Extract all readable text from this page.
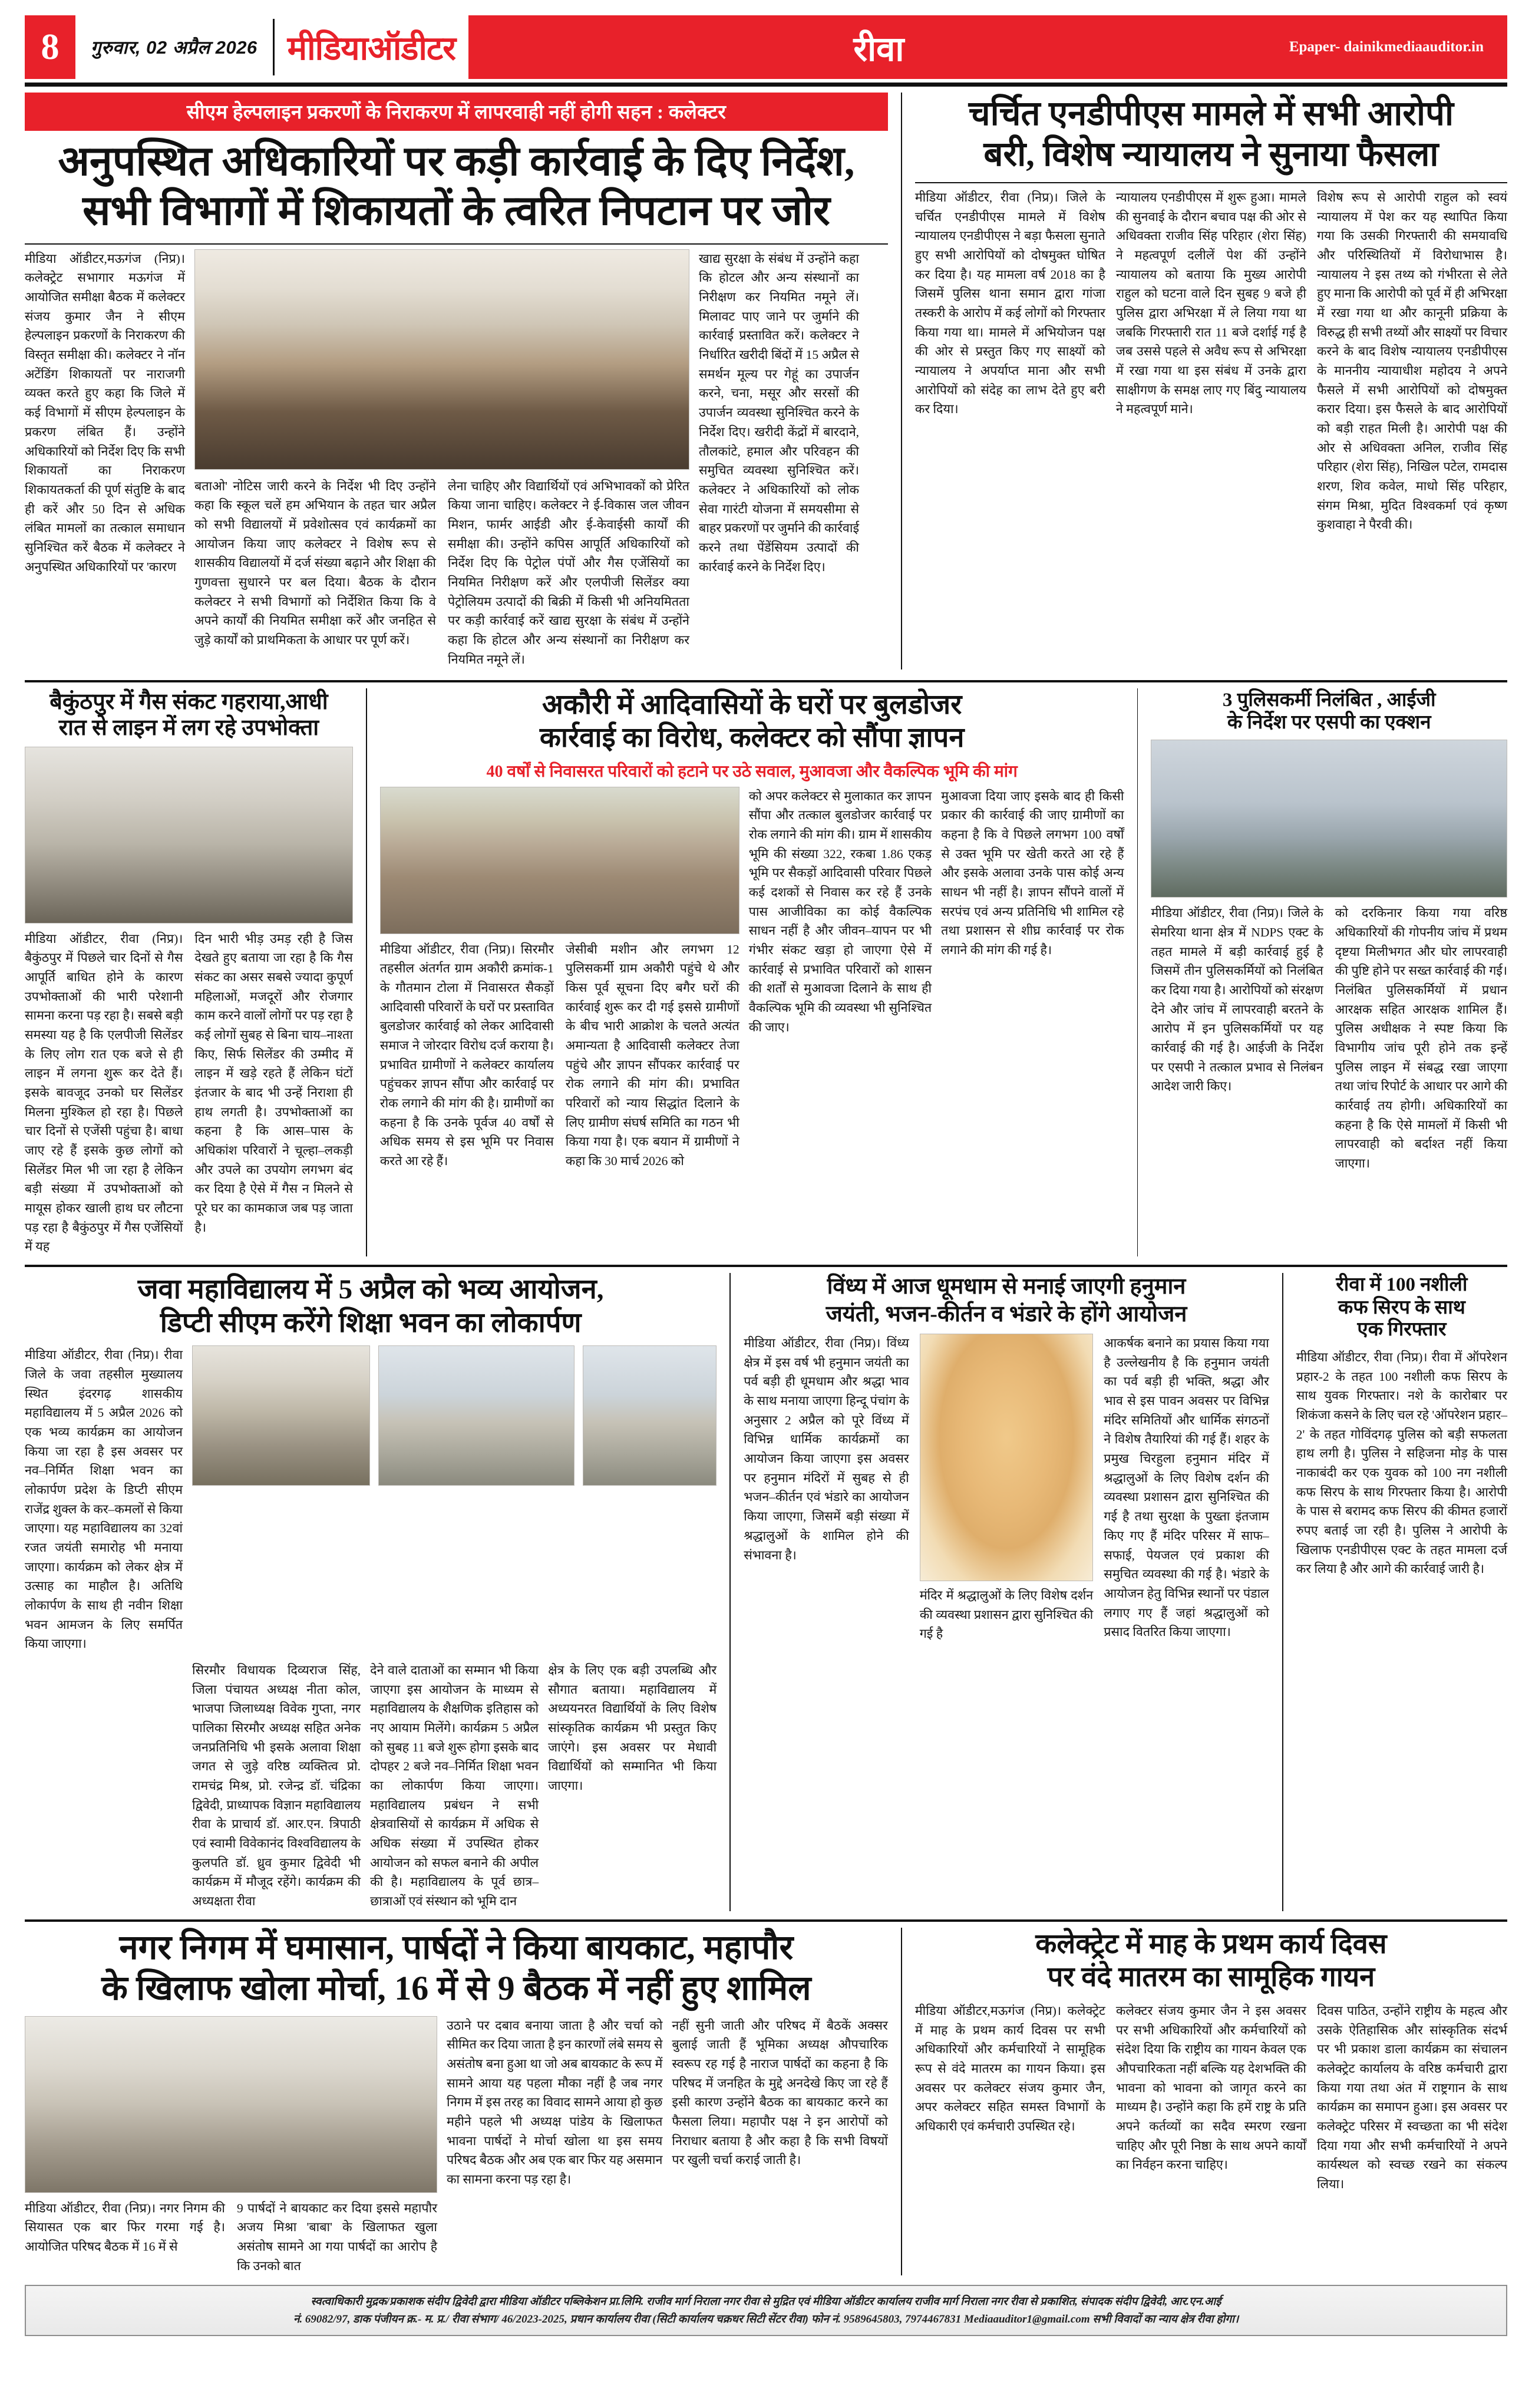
8	गुरुवार, 02 अप्रैल 2026 मीडियाऑडीटर	रीवा	Epaper- dainikmediaauditor.in
सीएम हेल्पलाइन प्रकरणों के निराकरण में लापरवाही नहीं होगी सहन : कलेक्टर
अनुपस्थित अधिकारियों पर कड़ी कार्रवाई के दिए निर्देश,
सभी विभागों में शिकायतों के त्वरित निपटान पर जोर
मीडिया ऑडीटर,मऊगंज (निप्र)। कलेक्ट्रेट सभागार मऊगंज में आयोजित समीक्षा बैठक में कलेक्टर संजय कुमार जैन ने सीएम हेल्पलाइन प्रकरणों के निराकरण की विस्तृत समीक्षा की। कलेक्टर ने नॉन अटेंडिंग शिकायतों पर नाराजगी व्यक्त करते हुए कहा कि जिले में कई विभागों में सीएम हेल्पलाइन के प्रकरण लंबित हैं। उन्होंने अधिकारियों को निर्देश दिए कि सभी शिकायतों का निराकरण शिकायतकर्ता की पूर्ण संतुष्टि के बाद ही करें और 50 दिन से अधिक लंबित मामलों का तत्काल समाधान सुनिश्चित करें बैठक में कलेक्टर ने अनुपस्थित अधिकारियों पर 'कारण
बताओ' नोटिस जारी करने के निर्देश भी दिए उन्होंने कहा कि स्कूल चलें हम अभियान के तहत चार अप्रैल को सभी विद्यालयों में प्रवेशोत्सव एवं कार्यक्रमों का आयोजन किया जाए कलेक्टर ने विशेष रूप से शासकीय विद्यालयों में दर्ज संख्या बढ़ाने और शिक्षा की गुणवत्ता सुधारने पर बल दिया। बैठक के दौरान कलेक्टर ने सभी विभागों को निर्देशित किया कि वे अपने कार्यों की नियमित समीक्षा करें और जनहित से जुड़े कार्यों को प्राथमिकता के आधार पर पूर्ण करें।
लेना चाहिए और विद्यार्थियों एवं अभिभावकों को प्रेरित किया जाना चाहिए। कलेक्टर ने ई-विकास जल जीवन मिशन, फार्मर आईडी और ई-केवाईसी कार्यों की समीक्षा की। उन्होंने कपिस आपूर्ति अधिकारियों को निर्देश दिए कि पेट्रोल पंपों और गैस एजेंसियों का नियमित निरीक्षण करें और एलपीजी सिलेंडर क्या पेट्रोलियम उत्पादों की बिक्री में किसी भी अनियमितता पर कड़ी कार्रवाई करें खाद्य सुरक्षा के संबंध में उन्होंने कहा कि होटल और अन्य संस्थानों का निरीक्षण कर नियमित नमूने लें।
खाद्य सुरक्षा के संबंध में उन्होंने कहा कि होटल और अन्य संस्थानों का निरीक्षण कर नियमित नमूने लें। मिलावट पाए जाने पर जुर्माने की कार्रवाई प्रस्तावित करें। कलेक्टर ने निर्धारित खरीदी बिंदों में 15 अप्रैल से समर्थन मूल्य पर गेहूं का उपार्जन करने, चना, मसूर और सरसों की उपार्जन व्यवस्था सुनिश्चित करने के निर्देश दिए। खरीदी केंद्रों में बारदाने, तौलकांटे, हमाल और परिवहन की समुचित व्यवस्था सुनिश्चित करें। कलेक्टर ने अधिकारियों को लोक सेवा गारंटी योजना में समयसीमा से बाहर प्रकरणों पर जुर्माने की कार्रवाई करने तथा पेंडेंसियम उत्पादों की कार्रवाई करने के निर्देश दिए।
चर्चित एनडीपीएस मामले में सभी आरोपी
बरी, विशेष न्यायालय ने सुनाया फैसला
मीडिया ऑडीटर, रीवा (निप्र)। जिले के चर्चित एनडीपीएस मामले में विशेष न्यायालय एनडीपीएस ने बड़ा फैसला सुनाते हुए सभी आरोपियों को दोषमुक्त घोषित कर दिया है। यह मामला वर्ष 2018 का है जिसमें पुलिस थाना समान द्वारा गांजा तस्करी के आरोप में कई लोगों को गिरफ्तार किया गया था। मामले में अभियोजन पक्ष की ओर से प्रस्तुत किए गए साक्ष्यों को न्यायालय ने अपर्याप्त माना और सभी आरोपियों को संदेह का लाभ देते हुए बरी कर दिया।
न्यायालय एनडीपीएस में शुरू हुआ। मामले की सुनवाई के दौरान बचाव पक्ष की ओर से अधिवक्ता राजीव सिंह परिहार (शेरा सिंह) ने महत्वपूर्ण दलीलें पेश कीं उन्होंने न्यायालय को बताया कि मुख्य आरोपी राहुल को घटना वाले दिन सुबह 9 बजे ही पुलिस द्वारा अभिरक्षा में ले लिया गया था जबकि गिरफ्तारी रात 11 बजे दर्शाई गई है जब उससे पहले से अवैध रूप से अभिरक्षा में रखा गया था इस संबंध में उनके द्वारा साक्षीगण के समक्ष लाए गए बिंदु न्यायालय ने महत्वपूर्ण माने।
विशेष रूप से आरोपी राहुल को स्वयं न्यायालय में पेश कर यह स्थापित किया गया कि उसकी गिरफ्तारी की समयावधि और परिस्थितियों में विरोधाभास है। न्यायालय ने इस तथ्य को गंभीरता से लेते हुए माना कि आरोपी को पूर्व में ही अभिरक्षा में रखा गया था और कानूनी प्रक्रिया के विरुद्ध ही सभी तथ्यों और साक्ष्यों पर विचार करने के बाद विशेष न्यायालय एनडीपीएस के माननीय न्यायाधीश महोदय ने अपने फैसले में सभी आरोपियों को दोषमुक्त करार दिया। इस फैसले के बाद आरोपियों को बड़ी राहत मिली है। आरोपी पक्ष की ओर से अधिवक्ता अनिल, राजीव सिंह परिहार (शेरा सिंह), निखिल पटेल, रामदास शरण, शिव कवेल, माधो सिंह परिहार, संगम मिश्रा, मुदित विश्वकर्मा एवं कृष्ण कुशवाहा ने पैरवी की।
बैकुंठपुर में गैस संकट गहराया,आधी
रात से लाइन में लग रहे उपभोक्ता
मीडिया ऑडीटर, रीवा (निप्र)। बैकुंठपुर में पिछले चार दिनों से गैस आपूर्ति बाधित होने के कारण उपभोक्ताओं की भारी परेशानी सामना करना पड़ रहा है। सबसे बड़ी समस्या यह है कि एलपीजी सिलेंडर के लिए लोग रात एक बजे से ही लाइन में लगना शुरू कर देते हैं। इसके बावजूद उनको घर सिलेंडर मिलना मुश्किल हो रहा है। पिछले चार दिनों से एजेंसी पहुंचा है। बाधा जाए रहे हैं इसके कुछ लोगों को सिलेंडर मिल भी जा रहा है लेकिन बड़ी संख्या में उपभोक्ताओं को मायूस होकर खाली हाथ घर लौटना पड़ रहा है बैकुंठपुर में गैस एजेंसियों में यह
दिन भारी भीड़ उमड़ रही है जिस देखते हुए बताया जा रहा है कि गैस संकट का असर सबसे ज्यादा कुपूर्ण महिलाओं, मजदूरों और रोजगार काम करने वालों लोगों पर पड़ रहा है कई लोगों सुबह से बिना चाय–नाश्ता किए, सिर्फ सिलेंडर की उम्मीद में लाइन में खड़े रहते हैं लेकिन घंटों इंतजार के बाद भी उन्हें निराशा ही हाथ लगती है। उपभोक्ताओं का कहना है कि आस–पास के अधिकांश परिवारों ने चूल्हा–लकड़ी और उपले का उपयोग लगभग बंद कर दिया है ऐसे में गैस न मिलने से पूरे घर का कामकाज जब पड़ जाता है।
अकौरी में आदिवासियों के घरों पर बुलडोजर
कार्रवाई का विरोध, कलेक्टर को सौंपा ज्ञापन
40 वर्षों से निवासरत परिवारों को हटाने पर उठे सवाल, मुआवजा और वैकल्पिक भूमि की मांग
मीडिया ऑडीटर, रीवा (निप्र)। सिरमौर तहसील अंतर्गत ग्राम अकौरी क्रमांक-1 के गौतमान टोला में निवासरत सैकड़ों आदिवासी परिवारों के घरों पर प्रस्तावित बुलडोजर कार्रवाई को लेकर आदिवासी समाज ने जोरदार विरोध दर्ज कराया है। प्रभावित ग्रामीणों ने कलेक्टर कार्यालय पहुंचकर ज्ञापन सौंपा और कार्रवाई पर रोक लगाने की मांग की है। ग्रामीणों का कहना है कि उनके पूर्वज 40 वर्षों से अधिक समय से इस भूमि पर निवास करते आ रहे हैं।
जेसीबी मशीन और लगभग 12 पुलिसकर्मी ग्राम अकौरी पहुंचे थे और किस पूर्व सूचना दिए बगैर घरों की कार्रवाई शुरू कर दी गई इससे ग्रामीणों के बीच भारी आक्रोश के चलते अत्यंत अमान्यता है आदिवासी कलेक्टर तेजा पहुंचे और ज्ञापन सौंपकर कार्रवाई पर रोक लगाने की मांग की। प्रभावित परिवारों को न्याय सिद्धांत दिलाने के लिए ग्रामीण संघर्ष समिति का गठन भी किया गया है। एक बयान में ग्रामीणों ने कहा कि 30 मार्च 2026 को
को अपर कलेक्टर से मुलाकात कर ज्ञापन सौंपा और तत्काल बुलडोजर कार्रवाई पर रोक लगाने की मांग की। ग्राम में शासकीय भूमि की संख्या 322, रकबा 1.86 एकड़ भूमि पर सैकड़ों आदिवासी परिवार पिछले कई दशकों से निवास कर रहे हैं उनके पास आजीविका का कोई वैकल्पिक साधन नहीं है और जीवन–यापन पर भी गंभीर संकट खड़ा हो जाएगा ऐसे में कार्रवाई से प्रभावित परिवारों को शासन की शर्तों से मुआवजा दिलाने के साथ ही वैकल्पिक भूमि की व्यवस्था भी सुनिश्चित की जाए।
मुआवजा दिया जाए इसके बाद ही किसी प्रकार की कार्रवाई की जाए ग्रामीणों का कहना है कि वे पिछले लगभग 100 वर्षों से उक्त भूमि पर खेती करते आ रहे हैं और इसके अलावा उनके पास कोई अन्य साधन भी नहीं है। ज्ञापन सौंपने वालों में सरपंच एवं अन्य प्रतिनिधि भी शामिल रहे तथा प्रशासन से शीघ्र कार्रवाई पर रोक लगाने की मांग की गई है।
3 पुलिसकर्मी निलंबित , आईजी
के निर्देश पर एसपी का एक्शन
मीडिया ऑडीटर, रीवा (निप्र)। जिले के सेमरिया थाना क्षेत्र में NDPS एक्ट के तहत मामले में बड़ी कार्रवाई हुई है जिसमें तीन पुलिसकर्मियों को निलंबित कर दिया गया है। आरोपियों को संरक्षण देने और जांच में लापरवाही बरतने के आरोप में इन पुलिसकर्मियों पर यह कार्रवाई की गई है। आईजी के निर्देश पर एसपी ने तत्काल प्रभाव से निलंबन आदेश जारी किए।
को दरकिनार किया गया वरिष्ठ अधिकारियों की गोपनीय जांच में प्रथम दृष्टया मिलीभगत और घोर लापरवाही की पुष्टि होने पर सख्त कार्रवाई की गई। निलंबित पुलिसकर्मियों में प्रधान आरक्षक सहित आरक्षक शामिल हैं। पुलिस अधीक्षक ने स्पष्ट किया कि विभागीय जांच पूरी होने तक इन्हें पुलिस लाइन में संबद्ध रखा जाएगा तथा जांच रिपोर्ट के आधार पर आगे की कार्रवाई तय होगी। अधिकारियों का कहना है कि ऐसे मामलों में किसी भी लापरवाही को बर्दाश्त नहीं किया जाएगा।
जवा महाविद्यालय में 5 अप्रैल को भव्य आयोजन,
डिप्टी सीएम करेंगे शिक्षा भवन का लोकार्पण
मीडिया ऑडीटर, रीवा (निप्र)। रीवा जिले के जवा तहसील मुख्यालय स्थित इंदरगढ़ शासकीय महाविद्यालय में 5 अप्रैल 2026 को एक भव्य कार्यक्रम का आयोजन किया जा रहा है इस अवसर पर नव–निर्मित शिक्षा भवन का लोकार्पण प्रदेश के डिप्टी सीएम राजेंद्र शुक्ल के कर–कमलों से किया जाएगा। यह महाविद्यालय का 32वां रजत जयंती समारोह भी मनाया जाएगा। कार्यक्रम को लेकर क्षेत्र में उत्साह का माहौल है। अतिथि लोकार्पण के साथ ही नवीन शिक्षा भवन आमजन के लिए समर्पित किया जाएगा।
सिरमौर विधायक दिव्यराज सिंह, जिला पंचायत अध्यक्ष नीता कोल, भाजपा जिलाध्यक्ष विवेक गुप्ता, नगर पालिका सिरमौर अध्यक्ष सहित अनेक जनप्रतिनिधि भी इसके अलावा शिक्षा जगत से जुड़े वरिष्ठ व्यक्तित्व प्रो. रामचंद्र मिश्र, प्रो. रजेन्द्र डॉ. चंद्रिका द्विवेदी, प्राध्यापक विज्ञान महाविद्यालय रीवा के प्राचार्य डॉ. आर.एन. त्रिपाठी एवं स्वामी विवेकानंद विश्वविद्यालय के कुलपति डॉ. ध्रुव कुमार द्विवेदी भी कार्यक्रम में मौजूद रहेंगे। कार्यक्रम की अध्यक्षता रीवा
देने वाले दाताओं का सम्मान भी किया जाएगा इस आयोजन के माध्यम से महाविद्यालय के शैक्षणिक इतिहास को नए आयाम मिलेंगे। कार्यक्रम 5 अप्रैल को सुबह 11 बजे शुरू होगा इसके बाद दोपहर 2 बजे नव–निर्मित शिक्षा भवन का लोकार्पण किया जाएगा। महाविद्यालय प्रबंधन ने सभी क्षेत्रवासियों से कार्यक्रम में अधिक से अधिक संख्या में उपस्थित होकर आयोजन को सफल बनाने की अपील की है। महाविद्यालय के पूर्व छात्र–छात्राओं एवं संस्थान को भूमि दान
क्षेत्र के लिए एक बड़ी उपलब्धि और सौगात बताया। महाविद्यालय में अध्ययनरत विद्यार्थियों के लिए विशेष सांस्कृतिक कार्यक्रम भी प्रस्तुत किए जाएंगे। इस अवसर पर मेधावी विद्यार्थियों को सम्मानित भी किया जाएगा।
विंध्य में आज धूमधाम से मनाई जाएगी हनुमान
जयंती, भजन-कीर्तन व भंडारे के होंगे आयोजन
मीडिया ऑडीटर, रीवा (निप्र)। विंध्य क्षेत्र में इस वर्ष भी हनुमान जयंती का पर्व बड़ी ही धूमधाम और श्रद्धा भाव के साथ मनाया जाएगा हिन्दू पंचांग के अनुसार 2 अप्रैल को पूरे विंध्य में विभिन्न धार्मिक कार्यक्रमों का आयोजन किया जाएगा इस अवसर पर हनुमान मंदिरों में सुबह से ही भजन–कीर्तन एवं भंडारे का आयोजन किया जाएगा, जिसमें बड़ी संख्या में श्रद्धालुओं के शामिल होने की संभावना है।
मंदिर में श्रद्धालुओं के लिए विशेष दर्शन की व्यवस्था प्रशासन द्वारा सुनिश्चित की गई है
आकर्षक बनाने का प्रयास किया गया है उल्लेखनीय है कि हनुमान जयंती का पर्व बड़ी ही भक्ति, श्रद्धा और भाव से इस पावन अवसर पर विभिन्न मंदिर समितियों और धार्मिक संगठनों ने विशेष तैयारियां की गई हैं। शहर के प्रमुख चिरहुला हनुमान मंदिर में श्रद्धालुओं के लिए विशेष दर्शन की व्यवस्था प्रशासन द्वारा सुनिश्चित की गई है तथा सुरक्षा के पुख्ता इंतजाम किए गए हैं मंदिर परिसर में साफ–सफाई, पेयजल एवं प्रकाश की समुचित व्यवस्था की गई है। भंडारे के आयोजन हेतु विभिन्न स्थानों पर पंडाल लगाए गए हैं जहां श्रद्धालुओं को प्रसाद वितरित किया जाएगा।
रीवा में 100 नशीली
कफ सिरप के साथ
एक गिरफ्तार
मीडिया ऑडीटर, रीवा (निप्र)। रीवा में ऑपरेशन प्रहार-2 के तहत 100 नशीली कफ सिरप के साथ युवक गिरफ्तार। नशे के कारोबार पर शिकंजा कसने के लिए चल रहे 'ऑपरेशन प्रहार–2' के तहत गोविंदगढ़ पुलिस को बड़ी सफलता हाथ लगी है। पुलिस ने सहिजना मोड़ के पास नाकाबंदी कर एक युवक को 100 नग नशीली कफ सिरप के साथ गिरफ्तार किया है। आरोपी के पास से बरामद कफ सिरप की कीमत हजारों रुपए बताई जा रही है। पुलिस ने आरोपी के खिलाफ एनडीपीएस एक्ट के तहत मामला दर्ज कर लिया है और आगे की कार्रवाई जारी है।
नगर निगम में घमासान, पार्षदों ने किया बायकाट, महापौर
के खिलाफ खोला मोर्चा, 16 में से 9 बैठक में नहीं हुए शामिल
मीडिया ऑडीटर, रीवा (निप्र)। नगर निगम की सियासत एक बार फिर गरमा गई है। आयोजित परिषद बैठक में 16 में से
9 पार्षदों ने बायकाट कर दिया इससे महापौर अजय मिश्रा 'बाबा' के खिलाफत खुला असंतोष सामने आ गया पार्षदों का आरोप है कि उनको बात
उठाने पर दबाव बनाया जाता है और चर्चा को सीमित कर दिया जाता है इन कारणों लंबे समय से असंतोष बना हुआ था जो अब बायकाट के रूप में सामने आया यह पहला मौका नहीं है जब नगर निगम में इस तरह का विवाद सामने आया हो कुछ महीने पहले भी अध्यक्ष पांडेय के खिलाफत भावना पार्षदों ने मोर्चा खोला था इस समय परिषद बैठक और अब एक बार फिर यह असमान का सामना करना पड़ रहा है।
नहीं सुनी जाती और परिषद में बैठकें अक्सर बुलाई जाती हैं भूमिका अध्यक्ष औपचारिक स्वरूप रह गई है नाराज पार्षदों का कहना है कि परिषद में जनहित के मुद्दे अनदेखे किए जा रहे हैं इसी कारण उन्होंने बैठक का बायकाट करने का फैसला लिया। महापौर पक्ष ने इन आरोपों को निराधार बताया है और कहा है कि सभी विषयों पर खुली चर्चा कराई जाती है।
कलेक्ट्रेट में माह के प्रथम कार्य दिवस
पर वंदे मातरम का सामूहिक गायन
मीडिया ऑडीटर,मऊगंज (निप्र)। कलेक्ट्रेट में माह के प्रथम कार्य दिवस पर सभी अधिकारियों और कर्मचारियों ने सामूहिक रूप से वंदे मातरम का गायन किया। इस अवसर पर कलेक्टर संजय कुमार जैन, अपर कलेक्टर सहित समस्त विभागों के अधिकारी एवं कर्मचारी उपस्थित रहे।
कलेक्टर संजय कुमार जैन ने इस अवसर पर सभी अधिकारियों और कर्मचारियों को संदेश दिया कि राष्ट्रीय का गायन केवल एक औपचारिकता नहीं बल्कि यह देशभक्ति की भावना को भावना को जागृत करने का माध्यम है। उन्होंने कहा कि हमें राष्ट्र के प्रति अपने कर्तव्यों का सदैव स्मरण रखना चाहिए और पूरी निष्ठा के साथ अपने कार्यों का निर्वहन करना चाहिए।
दिवस पाठित, उन्होंने राष्ट्रीय के महत्व और उसके ऐतिहासिक और सांस्कृतिक संदर्भ पर भी प्रकाश डाला कार्यक्रम का संचालन कलेक्ट्रेट कार्यालय के वरिष्ठ कर्मचारी द्वारा किया गया तथा अंत में राष्ट्रगान के साथ कार्यक्रम का समापन हुआ। इस अवसर पर कलेक्ट्रेट परिसर में स्वच्छता का भी संदेश दिया गया और सभी कर्मचारियों ने अपने कार्यस्थल को स्वच्छ रखने का संकल्प लिया।
स्वत्वाधिकारी मुद्रक/प्रकाशक संदीप द्विवेदी द्वारा मीडिया ऑडीटर पब्लिकेशन प्रा.लिमि. राजीव मार्ग निराला नगर रीवा से मुद्रित एवं मीडिया ऑडीटर कार्यालय राजीव मार्ग निराला नगर रीवा से प्रकाशित, संपादक संदीप द्विवेदी, आर.एन.आई
नं. 69082/97, डाक पंजीयन क्र.- म. प्र./ रीवा संभाग/ 46/2023-2025, प्रधान कार्यालय रीवा (सिटी कार्यालय चक्रधर सिटी सेंटर रीवा) फोन नं. 9589645803, 7974467831 Mediaauditor1@gmail.com सभी विवादों का न्याय क्षेत्र रीवा होगा।
